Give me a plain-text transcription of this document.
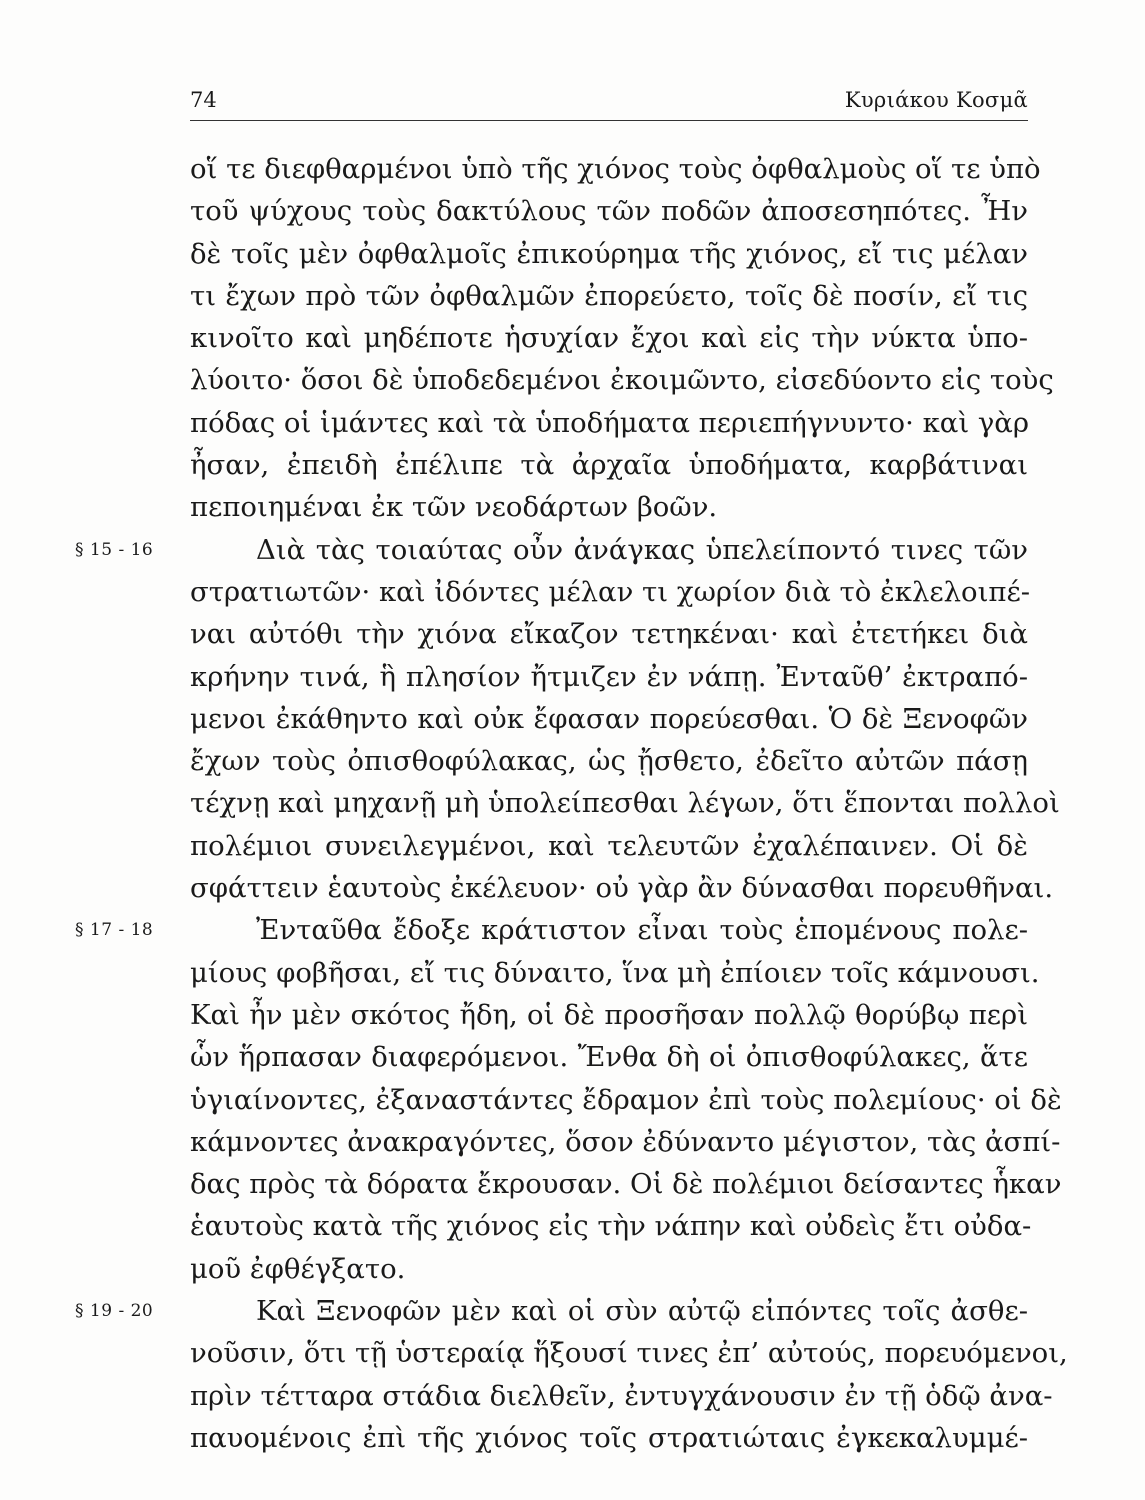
74	Κυριάκου Κοσμᾶ
οἵ τε διεφθαρμένοι ὑπὸ τῆς χιόνος τοὺς ὀφθαλμοὺς οἵ τε ὑπὸ
τοῦ ψύχους τοὺς δακτύλους τῶν ποδῶν ἀποσεσηπότες. Ἦν
δὲ τοῖς μὲν ὀφθαλμοῖς ἐπικούρημα τῆς χιόνος, εἴ τις μέλαν
τι ἔχων πρὸ τῶν ὀφθαλμῶν ἐπορεύετο, τοῖς δὲ ποσίν, εἴ τις
κινοῖτο καὶ μηδέποτε ἡσυχίαν ἔχοι καὶ εἰς τὴν νύκτα ὑπο-
λύοιτο· ὅσοι δὲ ὑποδεδεμένοι ἐκοιμῶντο, εἰσεδύοντο εἰς τοὺς
πόδας οἱ ἱμάντες καὶ τὰ ὑποδήματα περιεπήγνυντο· καὶ γὰρ
ἦσαν, ἐπειδὴ ἐπέλιπε τὰ ἀρχαῖα ὑποδήματα, καρβάτιναι
πεποιημέναι ἐκ τῶν νεοδάρτων βοῶν.
§ 15 - 16	Διὰ τὰς τοιαύτας οὖν ἀνάγκας ὑπελείποντό τινες τῶν
στρατιωτῶν· καὶ ἰδόντες μέλαν τι χωρίον διὰ τὸ ἐκλελοιπέ-
ναι αὐτόθι τὴν χιόνα εἴκαζον τετηκέναι· καὶ ἐτετήκει διὰ
κρήνην τινά, ἣ πλησίον ἤτμιζεν ἐν νάπῃ. Ἐνταῦθ’ ἐκτραπό-
μενοι ἐκάθηντο καὶ οὐκ ἔφασαν πορεύεσθαι. Ὁ δὲ Ξενοφῶν
ἔχων τοὺς ὀπισθοφύλακας, ὡς ᾔσθετο, ἐδεῖτο αὐτῶν πάσῃ
τέχνῃ καὶ μηχανῇ μὴ ὑπολείπεσθαι λέγων, ὅτι ἕπονται πολλοὶ
πολέμιοι συνειλεγμένοι, καὶ τελευτῶν ἐχαλέπαινεν. Οἱ δὲ
σφάττειν ἑαυτοὺς ἐκέλευον· οὐ γὰρ ἂν δύνασθαι πορευθῆναι.
§ 17 - 18	Ἐνταῦθα ἔδοξε κράτιστον εἶναι τοὺς ἑπομένους πολε-
μίους φοβῆσαι, εἴ τις δύναιτο, ἵνα μὴ ἐπίοιεν τοῖς κάμνουσι.
Καὶ ἦν μὲν σκότος ἤδη, οἱ δὲ προσῆσαν πολλῷ θορύβῳ περὶ
ὧν ἥρπασαν διαφερόμενοι. Ἔνθα δὴ οἱ ὀπισθοφύλακες, ἅτε
ὑγιαίνοντες, ἐξαναστάντες ἔδραμον ἐπὶ τοὺς πολεμίους· οἱ δὲ
κάμνοντες ἀνακραγόντες, ὅσον ἐδύναντο μέγιστον, τὰς ἀσπί-
δας πρὸς τὰ δόρατα ἔκρουσαν. Οἱ δὲ πολέμιοι δείσαντες ἧκαν
ἑαυτοὺς κατὰ τῆς χιόνος εἰς τὴν νάπην καὶ οὐδεὶς ἔτι οὐδα-
μοῦ ἐφθέγξατο.
§ 19 - 20	Καὶ Ξενοφῶν μὲν καὶ οἱ σὺν αὐτῷ εἰπόντες τοῖς ἀσθε-
νοῦσιν, ὅτι τῇ ὑστεραίᾳ ἥξουσί τινες ἐπ’ αὐτούς, πορευόμενοι,
πρὶν τέτταρα στάδια διελθεῖν, ἐντυγχάνουσιν ἐν τῇ ὁδῷ ἀνα-
παυομένοις ἐπὶ τῆς χιόνος τοῖς στρατιώταις ἐγκεκαλυμμέ-
